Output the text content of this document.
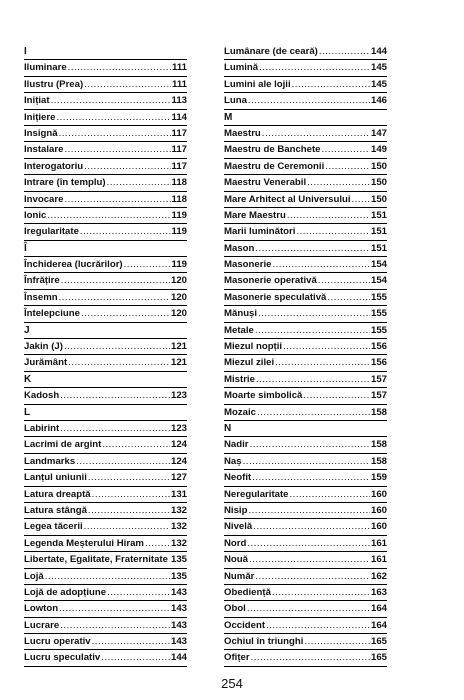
I
Iluminare .....	111
Ilustru (Prea) .....	111
Inițiat .....	113
Inițiere .....	114
Insignă .....	117
Instalare .....	117
Interogatoriu .....	117
Intrare (în templu) .....	118
Invocare .....	118
Ionic .....	119
Iregularitate .....	119
Î
Închiderea (lucrărilor) .....	119
Înfrățire .....	120
Însemn .....	120
Întelepciune .....	120
J
Jakin (J) .....	121
Jurământ .....	121
K
Kadosh .....	123
L
Labirint .....	123
Lacrimi de argint .....	124
Landmarks .....	124
Lanțul uniunii .....	127
Latura dreaptă .....	131
Latura stângă .....	132
Legea tăcerii .....	132
Legenda Meșterului Hiram .....	132
Libertate, Egalitate, Fraternitate ..... 135
Lojă .....	135
Lojă de adopțiune .....	143
Lowton .....	143
Lucrare .....	143
Lucru operativ .....	143
Lucru speculativ .....	144
Lumânare (de ceară) .....	144
Lumină .....	145
Lumini ale lojii .....	145
Luna .....	146
M
Maestru .....	147
Maestru de Banchete .....	149
Maestru de Ceremonii .....	150
Maestru Venerabil .....	150
Mare Arhitect al Universului ..... 150
Mare Maestru .....	151
Marii luminători .....	151
Mason .....	151
Masonerie .....	154
Masonerie operativă .....	154
Masonerie speculativă .....	155
Mănuși .....	155
Metale .....	155
Miezul nopții .....	156
Miezul zilei .....	156
Mistrie .....	157
Moarte simbolică .....	157
Mozaic .....	158
N
Nadir .....	158
Naș .....	158
Neofit .....	159
Neregularitate .....	160
Nisip .....	160
Nivelă .....	160
Nord .....	161
Nouă .....	161
Număr .....	162
Obediență .....	163
Obol .....	164
Occident .....	164
Ochiul în triunghi .....	165
Ofițer .....	165
254
